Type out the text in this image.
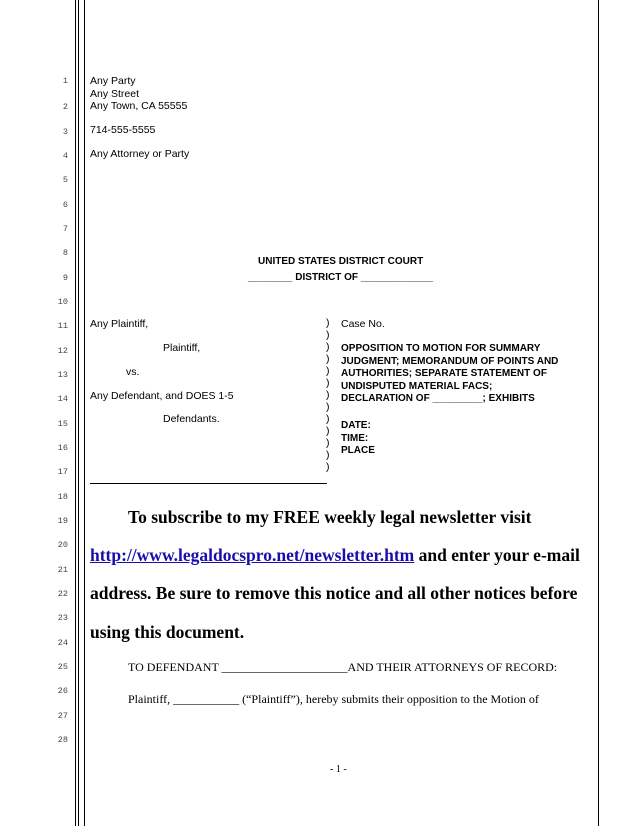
1
2
3
4
5
6
7
8
9
10
11
12
13
14
15
16
17
18
19
20
21
22
23
24
25
26
27
28
Any Party
Any Street
Any Town, CA 55555
714-555-5555
Any Attorney or Party
UNITED STATES DISTRICT COURT
________ DISTRICT OF _____________
Any Plaintiff,
Plaintiff,
vs.
Any Defendant, and DOES 1-5
Defendants.
)
)
)
)
)
)
)
)
)
)
)
)
)
Case No.
OPPOSITION TO MOTION FOR SUMMARY
JUDGMENT; MEMORANDUM OF POINTS AND
AUTHORITIES; SEPARATE STATEMENT OF
UNDISPUTED MATERIAL FACS;
DECLARATION OF _________; EXHIBITS
DATE:
TIME:
PLACE
To subscribe to my FREE weekly legal newsletter visit
http://www.legaldocspro.net/newsletter.htm and enter your e-mail
address. Be sure to remove this notice and all other notices before
using this document.
TO DEFENDANT _____________________AND THEIR ATTORNEYS OF RECORD:
Plaintiff, ___________ (“Plaintiff”), hereby submits their opposition to the Motion of
- 1 -
